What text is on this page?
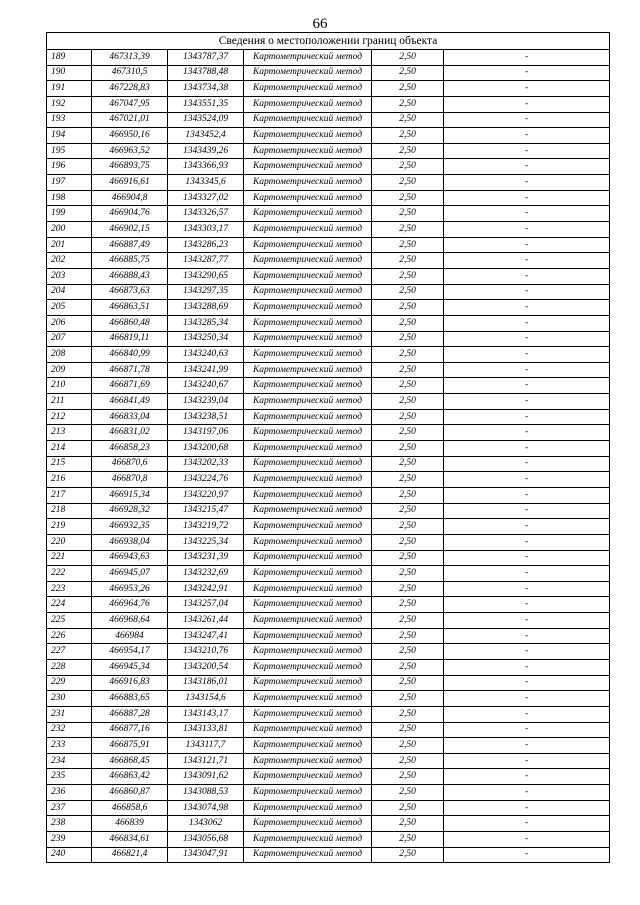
66
Сведения о местоположении границ объекта					
189	467313,39	1343787,37	Картометрический метод	2,50	-
190	467310,5	1343788,48	Картометрический метод	2,50	-
191	467228,83	1343734,38	Картометрический метод	2,50	-
192	467047,95	1343551,35	Картометрический метод	2,50	-
193	467021,01	1343524,09	Картометрический метод	2,50	-
194	466950,16	1343452,4	Картометрический метод	2,50	-
195	466963,52	1343439,26	Картометрический метод	2,50	-
196	466893,75	1343366,93	Картометрический метод	2,50	-
197	466916,61	1343345,6	Картометрический метод	2,50	-
198	466904,8	1343327,02	Картометрический метод	2,50	-
199	466904,76	1343326,57	Картометрический метод	2,50	-
200	466902,15	1343303,17	Картометрический метод	2,50	-
201	466887,49	1343286,23	Картометрический метод	2,50	-
202	466885,75	1343287,77	Картометрический метод	2,50	-
203	466888,43	1343290,65	Картометрический метод	2,50	-
204	466873,63	1343297,35	Картометрический метод	2,50	-
205	466863,51	1343288,69	Картометрический метод	2,50	-
206	466860,48	1343285,34	Картометрический метод	2,50	-
207	466819,11	1343250,34	Картометрический метод	2,50	-
208	466840,99	1343240,63	Картометрический метод	2,50	-
209	466871,78	1343241,99	Картометрический метод	2,50	-
210	466871,69	1343240,67	Картометрический метод	2,50	-
211	466841,49	1343239,04	Картометрический метод	2,50	-
212	466833,04	1343238,51	Картометрический метод	2,50	-
213	466831,02	1343197,06	Картометрический метод	2,50	-
214	466858,23	1343200,68	Картометрический метод	2,50	-
215	466870,6	1343202,33	Картометрический метод	2,50	-
216	466870,8	1343224,76	Картометрический метод	2,50	-
217	466915,34	1343220,97	Картометрический метод	2,50	-
218	466928,32	1343215,47	Картометрический метод	2,50	-
219	466932,35	1343219,72	Картометрический метод	2,50	-
220	466938,04	1343225,34	Картометрический метод	2,50	-
221	466943,63	1343231,39	Картометрический метод	2,50	-
222	466945,07	1343232,69	Картометрический метод	2,50	-
223	466953,26	1343242,91	Картометрический метод	2,50	-
224	466964,76	1343257,04	Картометрический метод	2,50	-
225	466968,64	1343261,44	Картометрический метод	2,50	-
226	466984	1343247,41	Картометрический метод	2,50	-
227	466954,17	1343210,76	Картометрический метод	2,50	-
228	466945,34	1343200,54	Картометрический метод	2,50	-
229	466916,83	1343186,01	Картометрический метод	2,50	-
230	466883,65	1343154,6	Картометрический метод	2,50	-
231	466887,28	1343143,17	Картометрический метод	2,50	-
232	466877,16	1343133,81	Картометрический метод	2,50	-
233	466875,91	1343117,7	Картометрический метод	2,50	-
234	466868,45	1343121,71	Картометрический метод	2,50	-
235	466863,42	1343091,62	Картометрический метод	2,50	-
236	466860,87	1343088,53	Картометрический метод	2,50	-
237	466858,6	1343074,98	Картометрический метод	2,50	-
238	466839	1343062	Картометрический метод	2,50	-
239	466834,61	1343056,68	Картометрический метод	2,50	-
240	466821,4	1343047,91	Картометрический метод	2,50	-
